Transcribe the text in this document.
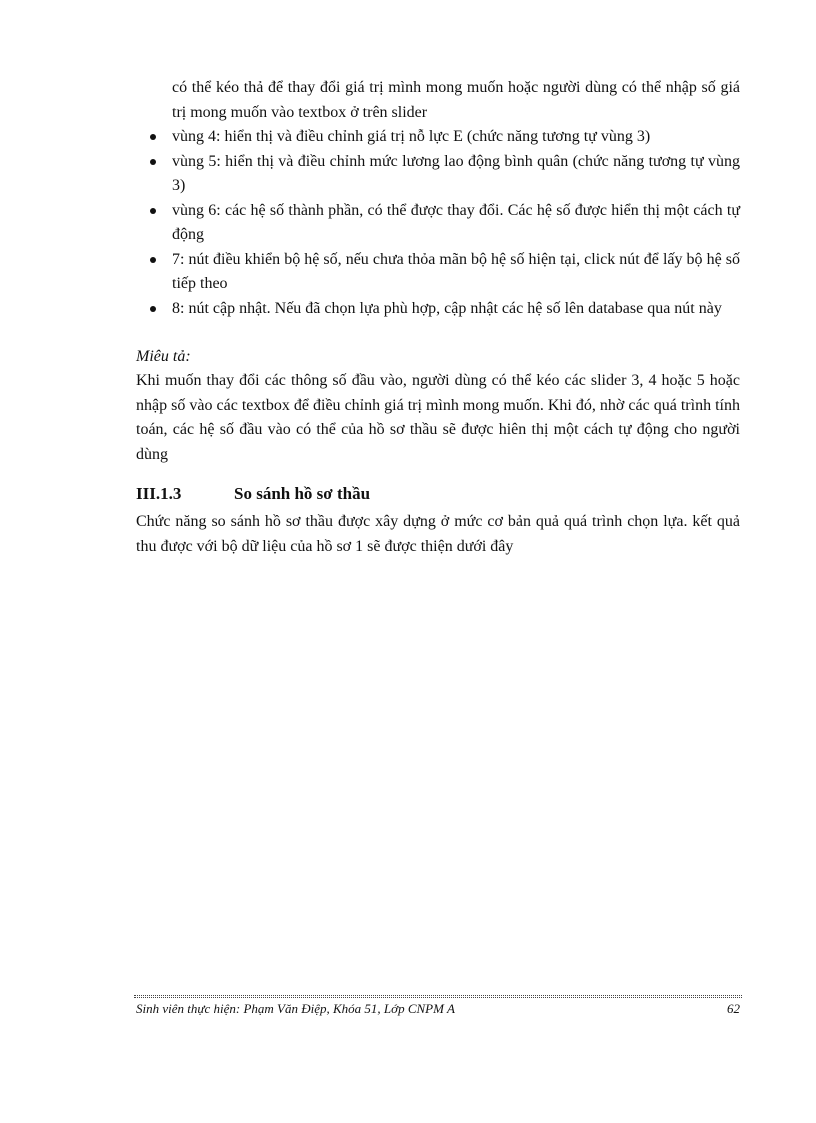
có thể kéo thả để thay đổi giá trị mình mong muốn hoặc người dùng có thể nhập số giá trị mong muốn vào textbox ở trên slider
vùng 4: hiển thị và điều chỉnh giá trị nỗ lực E (chức năng tương tự vùng 3)
vùng 5: hiển thị và điều chỉnh mức lương lao động bình quân (chức năng tương tự vùng 3)
vùng 6: các hệ số thành phần, có thể được thay đổi. Các hệ số được hiển thị một cách tự động
7: nút điều khiển bộ hệ số, nếu chưa thỏa mãn bộ hệ số hiện tại, click nút để lấy bộ hệ số tiếp theo
8: nút cập nhật. Nếu đã chọn lựa phù hợp, cập nhật các hệ số lên database qua nút này
Miêu tả:
Khi muốn thay đổi các thông số đầu vào, người dùng có thể kéo các slider 3, 4 hoặc 5 hoặc nhập số vào các textbox để điều chỉnh giá trị mình mong muốn. Khi đó, nhờ các quá trình tính toán, các hệ số đầu vào có thể của hồ sơ thầu sẽ được hiên thị một cách tự động cho người dùng
III.1.3	So sánh hồ sơ thầu
Chức năng so sánh hồ sơ thầu được xây dựng ở mức cơ bản quả quá trình chọn lựa. kết quả thu được với bộ dữ liệu của hồ sơ 1 sẽ được thiện dưới đây
Sinh viên thực hiện: Phạm Văn Điệp, Khóa 51, Lớp CNPM A	62
